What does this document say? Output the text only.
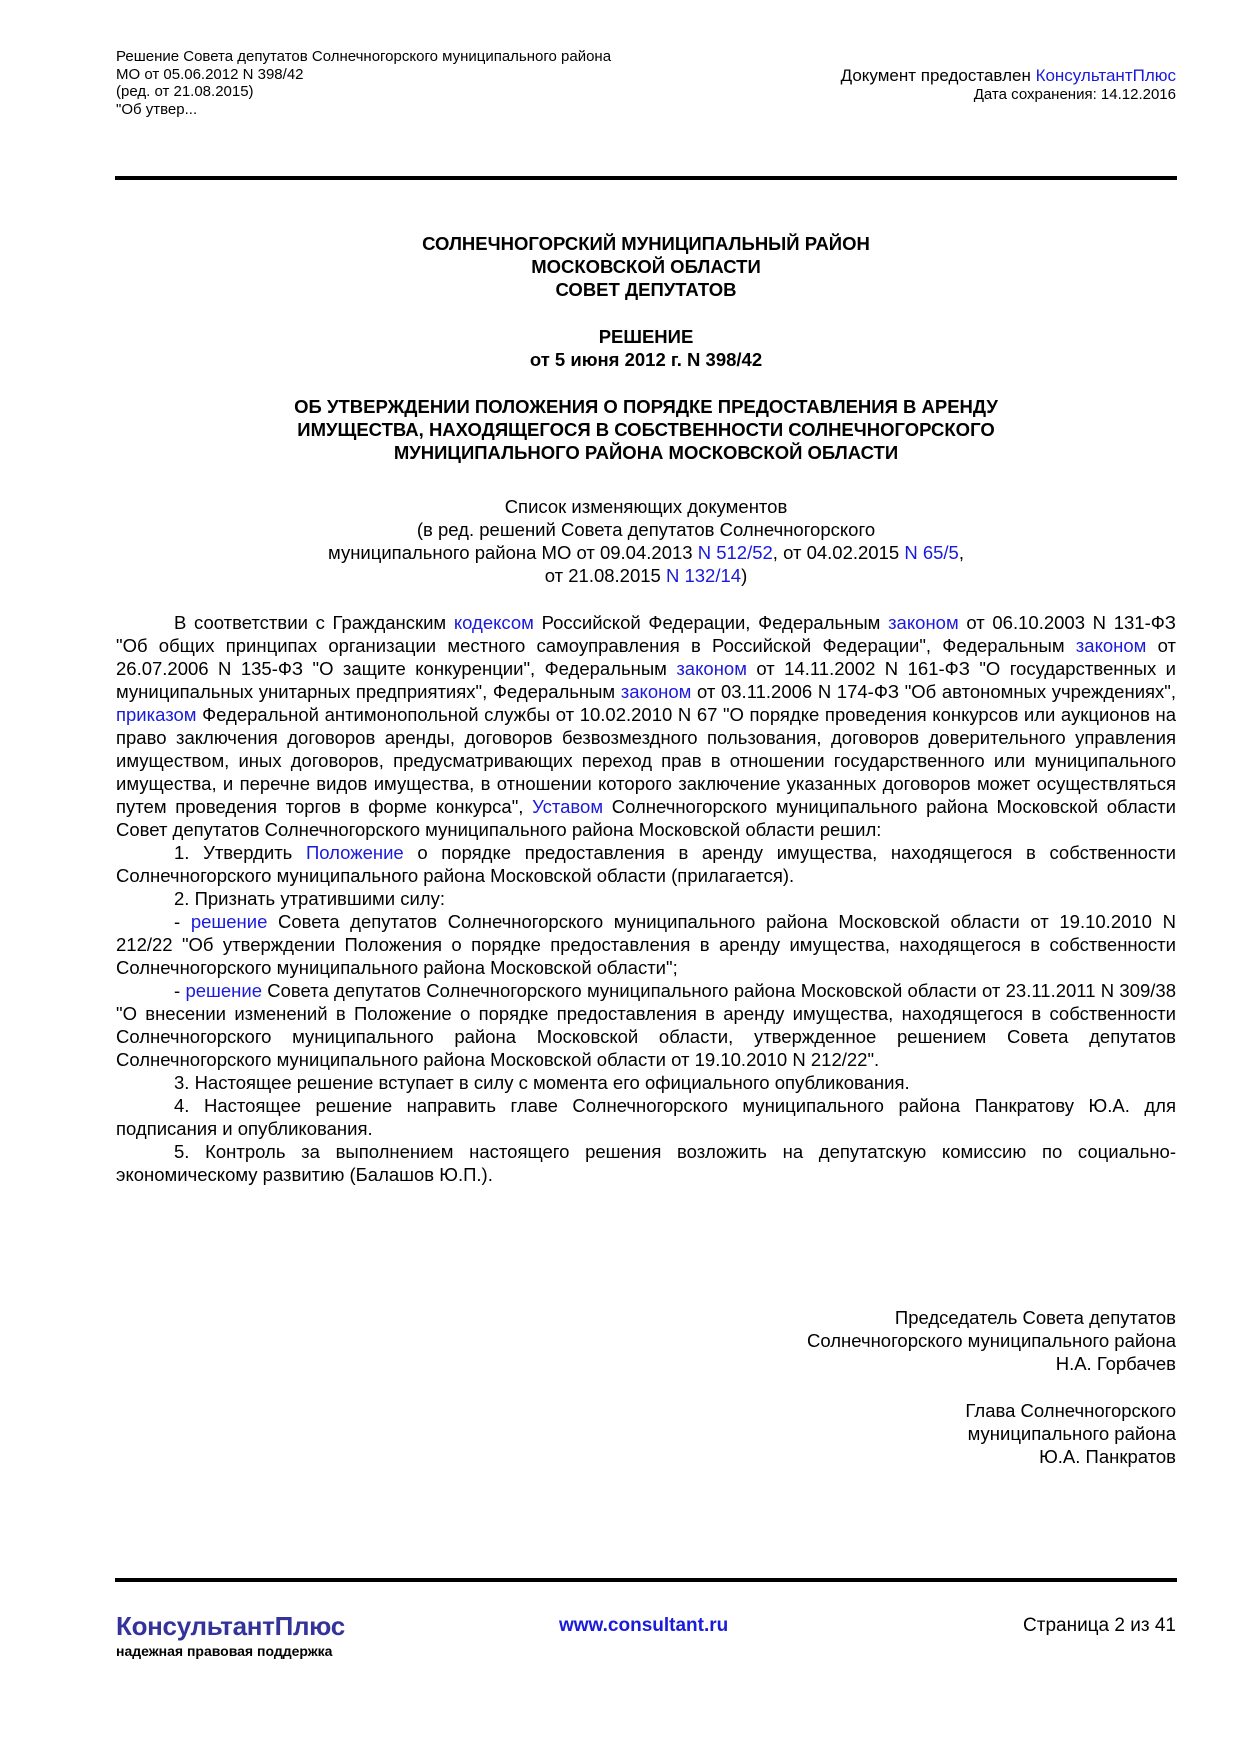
Решение Совета депутатов Солнечногорского муниципального района
МО от 05.06.2012 N 398/42
(ред. от 21.08.2015)
"Об утвер...
Документ предоставлен КонсультантПлюс
Дата сохранения: 14.12.2016
СОЛНЕЧНОГОРСКИЙ МУНИЦИПАЛЬНЫЙ РАЙОН
МОСКОВСКОЙ ОБЛАСТИ
СОВЕТ ДЕПУТАТОВ
РЕШЕНИЕ
от 5 июня 2012 г. N 398/42
ОБ УТВЕРЖДЕНИИ ПОЛОЖЕНИЯ О ПОРЯДКЕ ПРЕДОСТАВЛЕНИЯ В АРЕНДУ
ИМУЩЕСТВА, НАХОДЯЩЕГОСЯ В СОБСТВЕННОСТИ СОЛНЕЧНОГОРСКОГО
МУНИЦИПАЛЬНОГО РАЙОНА МОСКОВСКОЙ ОБЛАСТИ
Список изменяющих документов
(в ред. решений Совета депутатов Солнечногорского
муниципального района МО от 09.04.2013 N 512/52, от 04.02.2015 N 65/5,
от 21.08.2015 N 132/14)

В соответствии с Гражданским кодексом Российской Федерации, Федеральным законом от 06.10.2003 N 131-ФЗ "Об общих принципах организации местного самоуправления в Российской Федерации", Федеральным законом от 26.07.2006 N 135-ФЗ "О защите конкуренции", Федеральным законом от 14.11.2002 N 161-ФЗ "О государственных и муниципальных унитарных предприятиях", Федеральным законом от 03.11.2006 N 174-ФЗ "Об автономных учреждениях", приказом Федеральной антимонопольной службы от 10.02.2010 N 67 "О порядке проведения конкурсов или аукционов на право заключения договоров аренды, договоров безвозмездного пользования, договоров доверительного управления имуществом, иных договоров, предусматривающих переход прав в отношении государственного или муниципального имущества, и перечне видов имущества, в отношении которого заключение указанных договоров может осуществляться путем проведения торгов в форме конкурса", Уставом Солнечногорского муниципального района Московской области Совет депутатов Солнечногорского муниципального района Московской области решил:

1. Утвердить Положение о порядке предоставления в аренду имущества, находящегося в собственности Солнечногорского муниципального района Московской области (прилагается).

2. Признать утратившими силу:

- решение Совета депутатов Солнечногорского муниципального района Московской области от 19.10.2010 N 212/22 "Об утверждении Положения о порядке предоставления в аренду имущества, находящегося в собственности Солнечногорского муниципального района Московской области";

- решение Совета депутатов Солнечногорского муниципального района Московской области от 23.11.2011 N 309/38 "О внесении изменений в Положение о порядке предоставления в аренду имущества, находящегося в собственности Солнечногорского муниципального района Московской области, утвержденное решением Совета депутатов Солнечногорского муниципального района Московской области от 19.10.2010 N 212/22".

3. Настоящее решение вступает в силу с момента его официального опубликования.

4. Настоящее решение направить главе Солнечногорского муниципального района Панкратову Ю.А. для подписания и опубликования.

5. Контроль за выполнением настоящего решения возложить на депутатскую комиссию по социально-экономическому развитию (Балашов Ю.П.).

Председатель Совета депутатов
Солнечногорского муниципального района
Н.А. Горбачев
Глава Солнечногорского
муниципального района
Ю.А. Панкратов
КонсультантПлюс
надежная правовая поддержка
www.consultant.ru	Страница 2 из 41
